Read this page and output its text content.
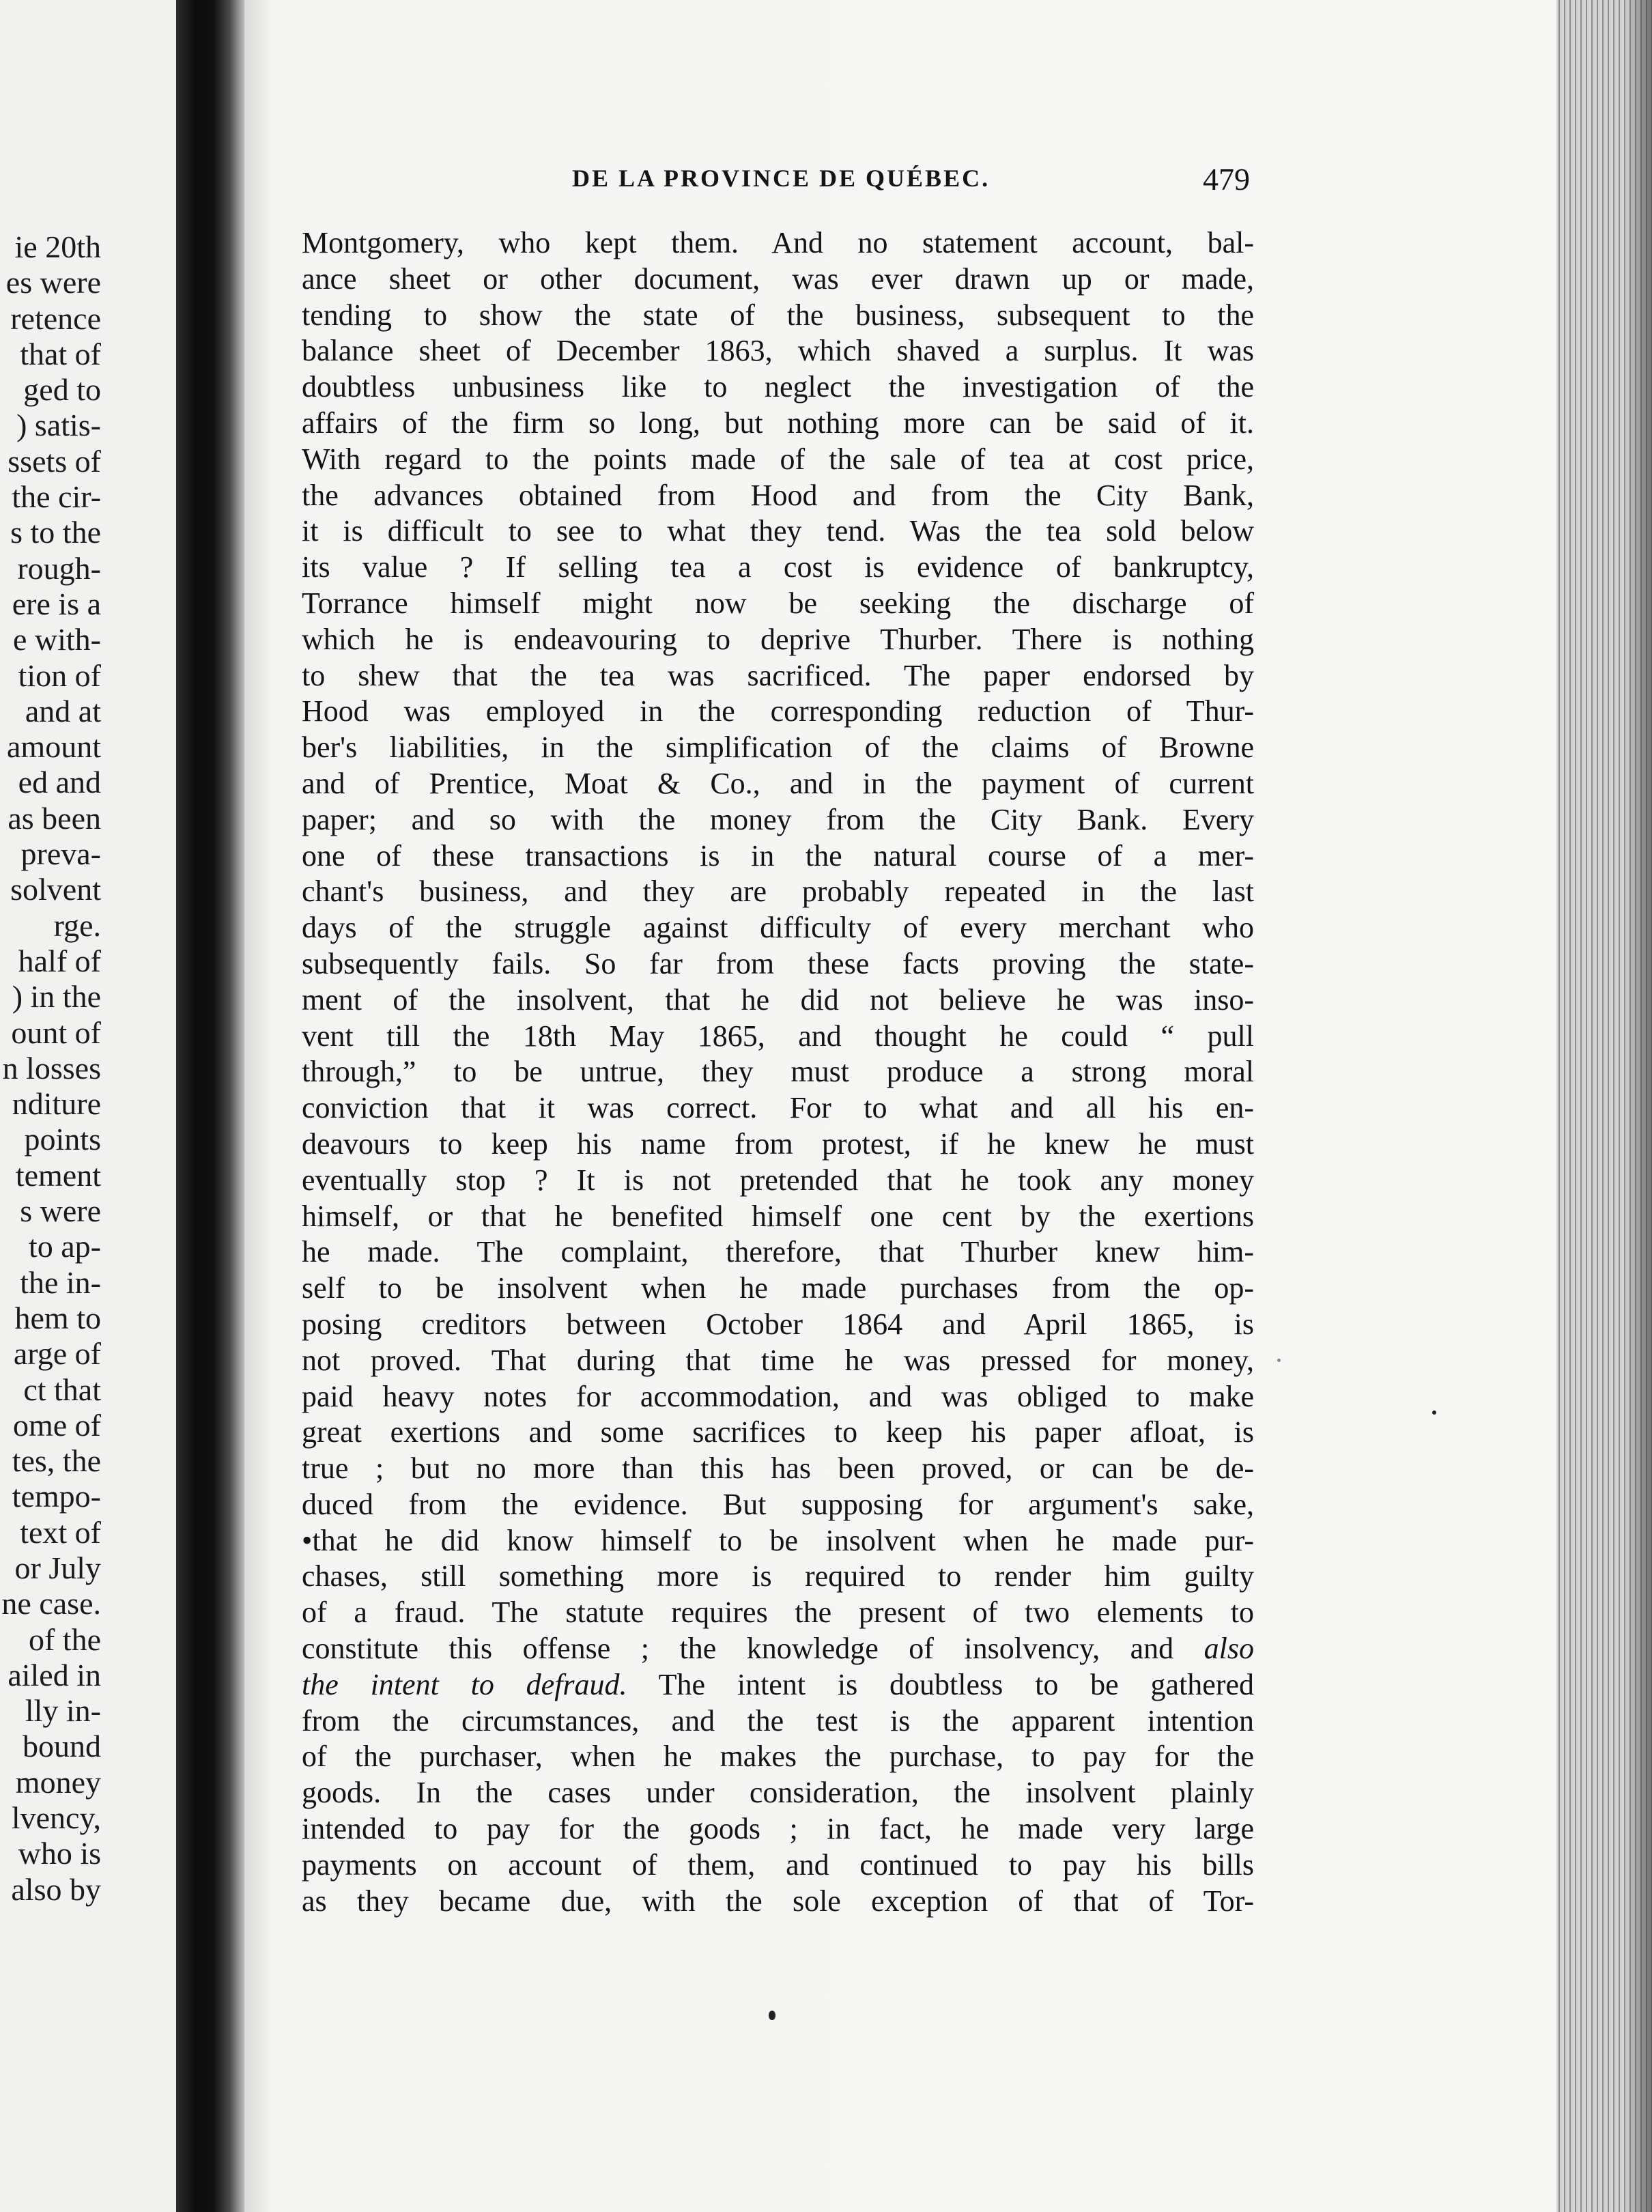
ie 20th
es were
retence
that of
ged to
) satis-
ssets of
the cir-
s to the
rough-
ere is a
e with-
tion of
and at
amount
ed and
as been
preva-
solvent
rge.
half of
) in the
ount of
n losses
nditure
points
tement
s were
to ap-
the in-
hem to
arge of
ct that
ome of
tes, the
tempo-
text of
or July
ne case.
of the
ailed in
lly in-
bound
money
lvency,
who is
also by
DE LA PROVINCE DE QUÉBEC.	479
Montgomery, who kept them. And no statement account, bal-
ance sheet or other document, was ever drawn up or made,
tending to show the state of the business, subsequent to the
balance sheet of December 1863, which shaved a surplus. It was
doubtless unbusiness like to neglect the investigation of the
affairs of the firm so long, but nothing more can be said of it.
With regard to the points made of the sale of tea at cost price,
the advances obtained from Hood and from the City Bank,
it is difficult to see to what they tend. Was the tea sold below
its value ? If selling tea a cost is evidence of bankruptcy,
Torrance himself might now be seeking the discharge of
which he is endeavouring to deprive Thurber. There is nothing
to shew that the tea was sacrificed. The paper endorsed by
Hood was employed in the corresponding reduction of Thur-
ber's liabilities, in the simplification of the claims of Browne
and of Prentice, Moat & Co., and in the payment of current
paper; and so with the money from the City Bank. Every
one of these transactions is in the natural course of a mer-
chant's business, and they are probably repeated in the last
days of the struggle against difficulty of every merchant who
subsequently fails. So far from these facts proving the state-
ment of the insolvent, that he did not believe he was inso-
vent till the 18th May 1865, and thought he could “ pull
through,” to be untrue, they must produce a strong moral
conviction that it was correct. For to what and all his en-
deavours to keep his name from protest, if he knew he must
eventually stop ? It is not pretended that he took any money
himself, or that he benefited himself one cent by the exertions
he made. The complaint, therefore, that Thurber knew him-
self to be insolvent when he made purchases from the op-
posing creditors between October 1864 and April 1865, is
not proved. That during that time he was pressed for money,
paid heavy notes for accommodation, and was obliged to make
great exertions and some sacrifices to keep his paper afloat, is
true ; but no more than this has been proved, or can be de-
duced from the evidence. But supposing for argument's sake,
•that he did know himself to be insolvent when he made pur-
chases, still something more is required to render him guilty
of a fraud. The statute requires the present of two elements to
constitute this offense ; the knowledge of insolvency, and also
the intent to defraud. The intent is doubtless to be gathered
from the circumstances, and the test is the apparent intention
of the purchaser, when he makes the purchase, to pay for the
goods. In the cases under consideration, the insolvent plainly
intended to pay for the goods ; in fact, he made very large
payments on account of them, and continued to pay his bills
as they became due, with the sole exception of that of Tor-
